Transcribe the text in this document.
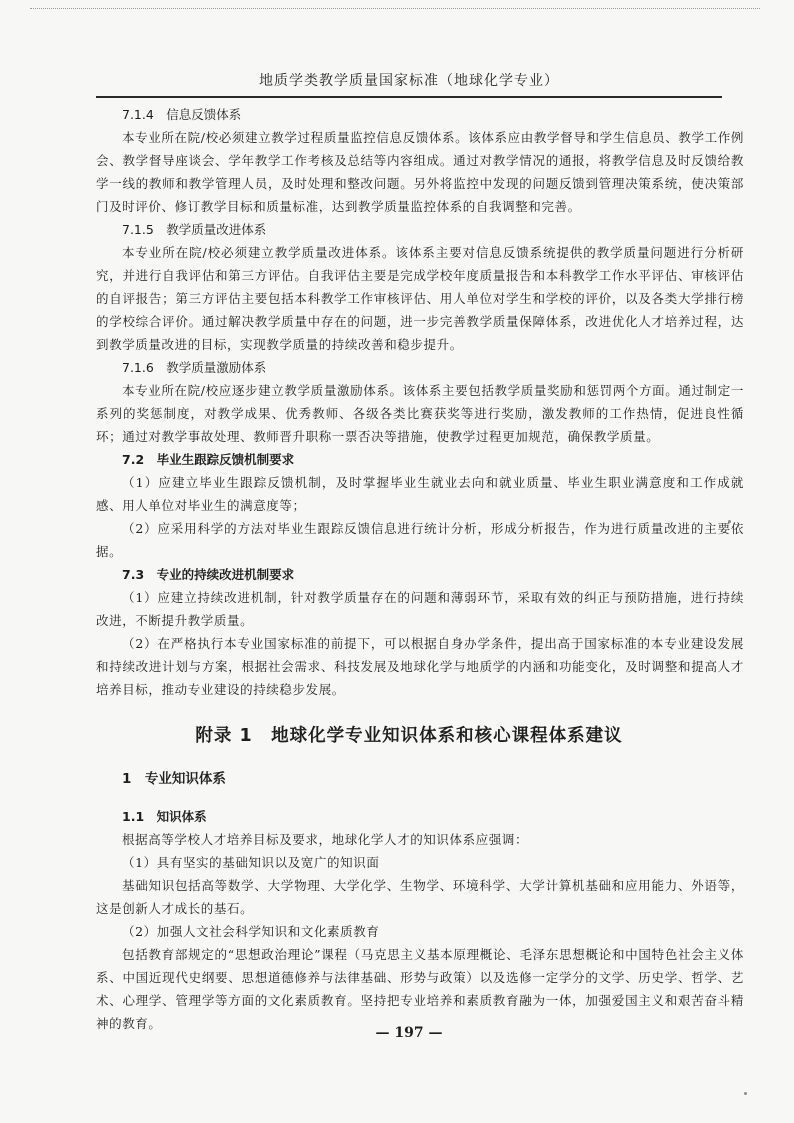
地质学类教学质量国家标准（地球化学专业）
7.1.4　信息反馈体系

本专业所在院/校必须建立教学过程质量监控信息反馈体系。该体系应由教学督导和学生信息员、教学工作例会、教学督导座谈会、学年教学工作考核及总结等内容组成。通过对教学情况的通报，将教学信息及时反馈给教学一线的教师和教学管理人员，及时处理和整改问题。另外将监控中发现的问题反馈到管理决策系统，使决策部门及时评价、修订教学目标和质量标准，达到教学质量监控体系的自我调整和完善。

7.1.5　教学质量改进体系

本专业所在院/校必须建立教学质量改进体系。该体系主要对信息反馈系统提供的教学质量问题进行分析研究，并进行自我评估和第三方评估。自我评估主要是完成学校年度质量报告和本科教学工作水平评估、审核评估的自评报告；第三方评估主要包括本科教学工作审核评估、用人单位对学生和学校的评价，以及各类大学排行榜的学校综合评价。通过解决教学质量中存在的问题，进一步完善教学质量保障体系，改进优化人才培养过程，达到教学质量改进的目标，实现教学质量的持续改善和稳步提升。

7.1.6　教学质量激励体系

本专业所在院/校应逐步建立教学质量激励体系。该体系主要包括教学质量奖励和惩罚两个方面。通过制定一系列的奖惩制度，对教学成果、优秀教师、各级各类比赛获奖等进行奖励，激发教师的工作热情，促进良性循环；通过对教学事故处理、教师晋升职称一票否决等措施，使教学过程更加规范，确保教学质量。

7.2　毕业生跟踪反馈机制要求

（1）应建立毕业生跟踪反馈机制，及时掌握毕业生就业去向和就业质量、毕业生职业满意度和工作成就感、用人单位对毕业生的满意度等；

（2）应采用科学的方法对毕业生跟踪反馈信息进行统计分析，形成分析报告，作为进行质量改进的主要依据。

7.3　专业的持续改进机制要求

（1）应建立持续改进机制，针对教学质量存在的问题和薄弱环节，采取有效的纠正与预防措施，进行持续改进，不断提升教学质量。

（2）在严格执行本专业国家标准的前提下，可以根据自身办学条件，提出高于国家标准的本专业建设发展和持续改进计划与方案，根据社会需求、科技发展及地球化学与地质学的内涵和功能变化，及时调整和提高人才培养目标，推动专业建设的持续稳步发展。

附录 1　地球化学专业知识体系和核心课程体系建议
1　专业知识体系
1.1　知识体系

根据高等学校人才培养目标及要求，地球化学人才的知识体系应强调：

（1）具有坚实的基础知识以及宽广的知识面

基础知识包括高等数学、大学物理、大学化学、生物学、环境科学、大学计算机基础和应用能力、外语等，这是创新人才成长的基石。

（2）加强人文社会科学知识和文化素质教育

包括教育部规定的“思想政治理论”课程（马克思主义基本原理概论、毛泽东思想概论和中国特色社会主义体系、中国近现代史纲要、思想道德修养与法律基础、形势与政策）以及选修一定学分的文学、历史学、哲学、艺术、心理学、管理学等方面的文化素质教育。坚持把专业培养和素质教育融为一体，加强爱国主义和艰苦奋斗精神的教育。

— 197 —
